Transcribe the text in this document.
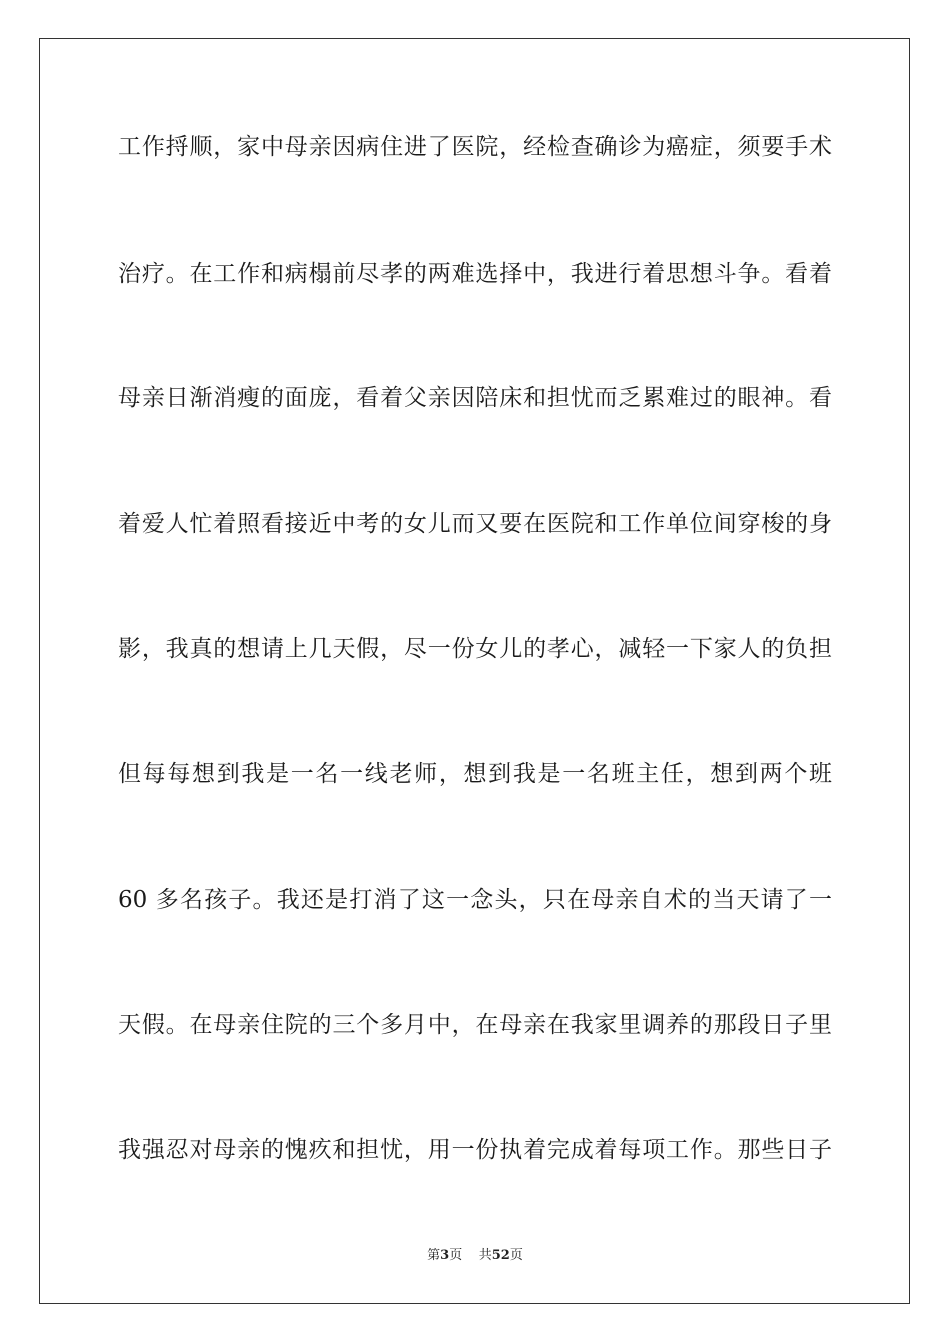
工作捋顺，家中母亲因病住进了医院，经检查确诊为癌症，须要手术
治疗。在工作和病榻前尽孝的两难选择中，我进行着思想斗争。看着
母亲日渐消瘦的面庞，看着父亲因陪床和担忧而乏累难过的眼神。看
着爱人忙着照看接近中考的女儿而又要在医院和工作单位间穿梭的身
影，我真的想请上几天假，尽一份女儿的孝心，减轻一下家人的负担
但每每想到我是一名一线老师，想到我是一名班主任，想到两个班
60 多名孩子。我还是打消了这一念头，只在母亲自术的当天请了一
天假。在母亲住院的三个多月中，在母亲在我家里调养的那段日子里
我强忍对母亲的愧疚和担忧，用一份执着完成着每项工作。那些日子
第3页 共52页
